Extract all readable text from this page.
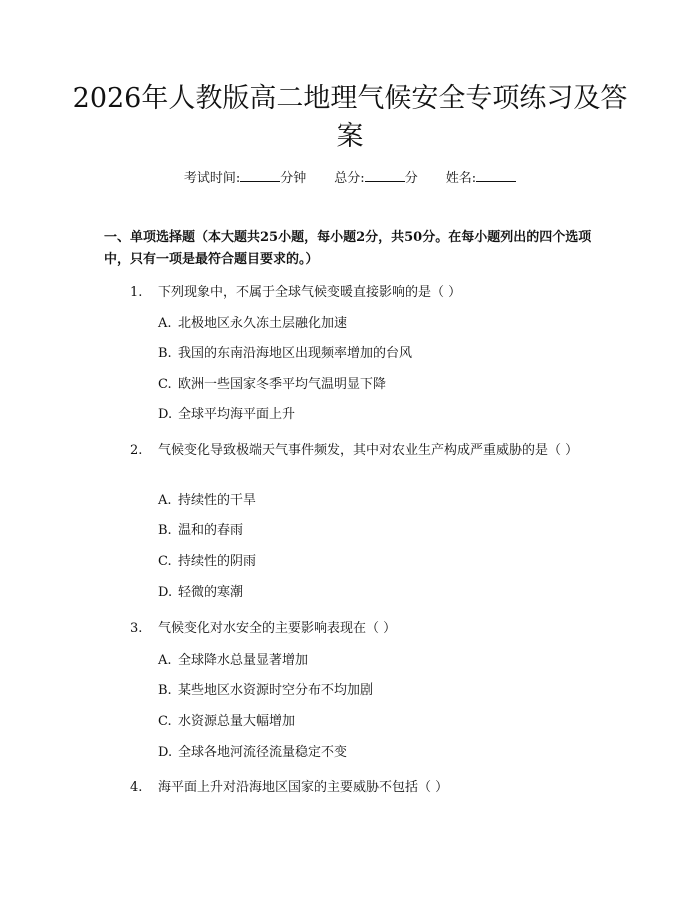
2026年人教版高二地理气候安全专项练习及答案
考试时间:	分钟 总分:	分 姓名:

一、单项选择题（本大题共25小题，每小题2分，共50分。在每小题列出的四个选项中，只有一项是最符合题目要求的。）

1. 下列现象中，不属于全球气候变暖直接影响的是（ ）
A. 北极地区永久冻土层融化加速
B. 我国的东南沿海地区出现频率增加的台风
C. 欧洲一些国家冬季平均气温明显下降
D. 全球平均海平面上升
2. 气候变化导致极端天气事件频发，其中对农业生产构成严重威胁的是（ ）
A. 持续性的干旱
B. 温和的春雨
C. 持续性的阴雨
D. 轻微的寒潮
3. 气候变化对水安全的主要影响表现在（ ）
A. 全球降水总量显著增加
B. 某些地区水资源时空分布不均加剧
C. 水资源总量大幅增加
D. 全球各地河流径流量稳定不变
4. 海平面上升对沿海地区国家的主要威胁不包括（ ）
